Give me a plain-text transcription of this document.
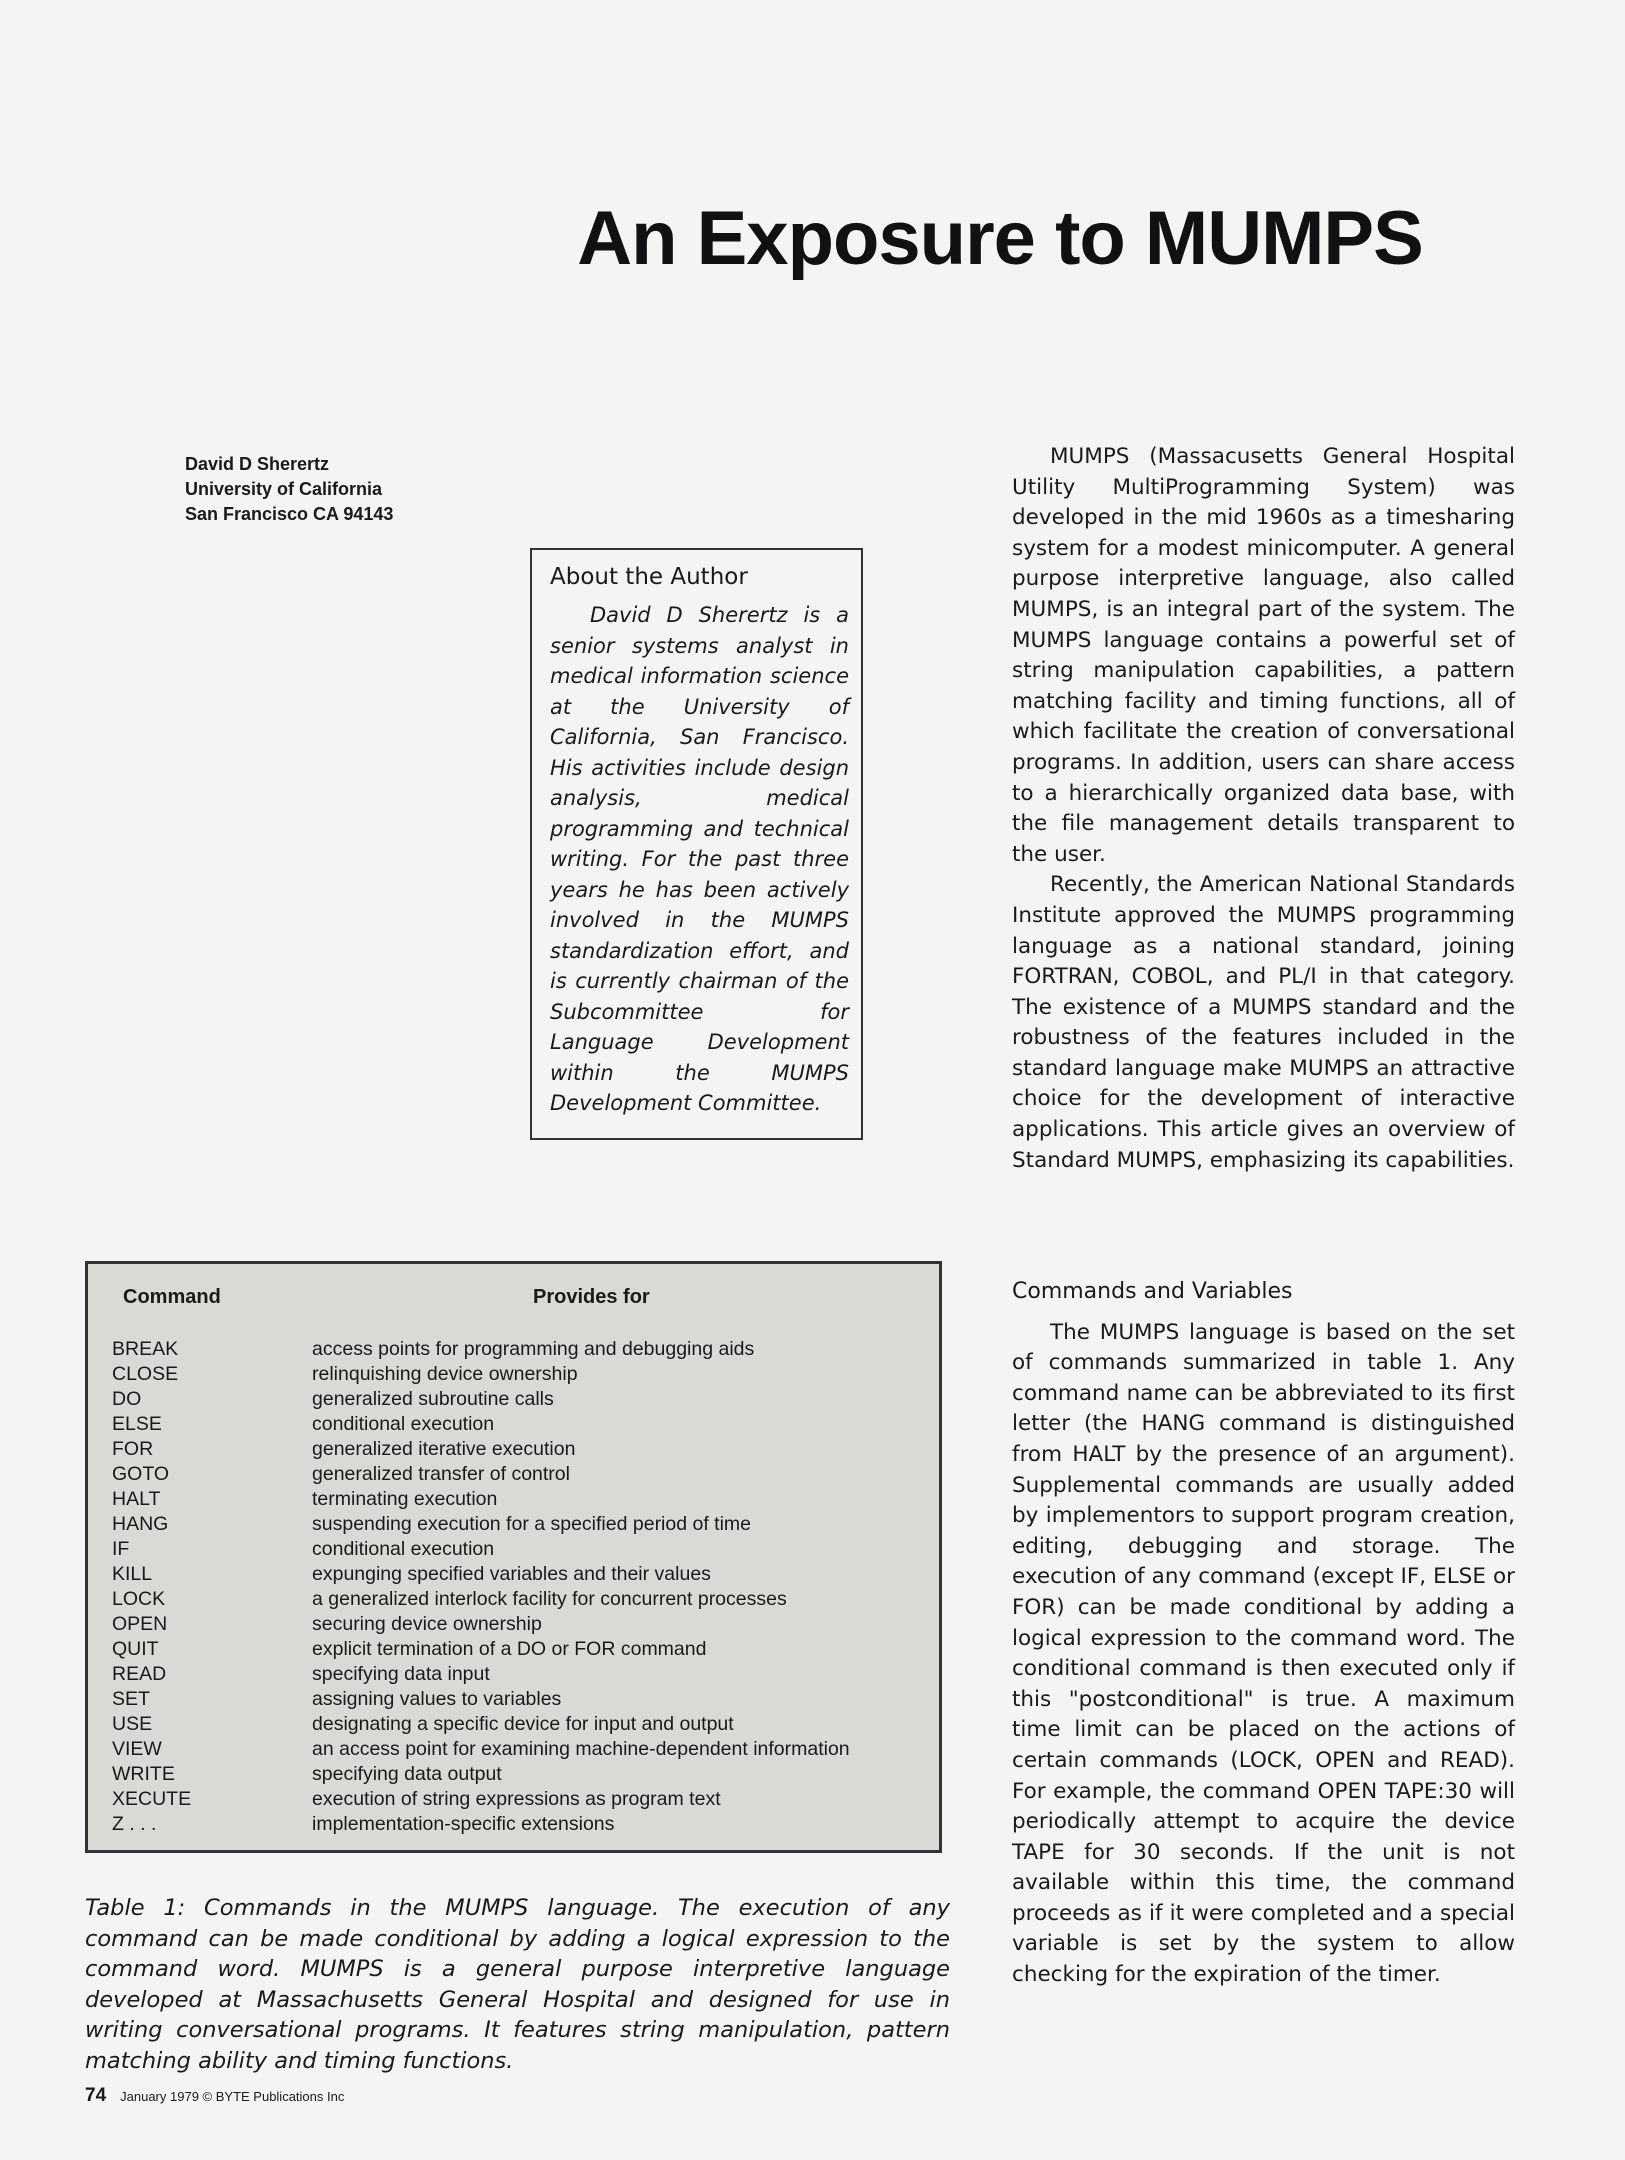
An Exposure to MUMPS
David D Sherertz
University of California
San Francisco CA 94143
About the Author

David D Sherertz is a senior systems analyst in medical information science at the University of California, San Francisco. His activities include design analysis, medical programming and technical writing. For the past three years he has been actively involved in the MUMPS standardization effort, and is currently chairman of the Subcommittee for Language Development within the MUMPS Development Committee.

MUMPS (Massacusetts General Hospital Utility MultiProgramming System) was developed in the mid 1960s as a timesharing system for a modest minicomputer. A general purpose interpretive language, also called MUMPS, is an integral part of the system. The MUMPS language contains a powerful set of string manipulation capabilities, a pattern matching facility and timing functions, all of which facilitate the creation of conversational programs. In addition, users can share access to a hierarchically organized data base, with the file management details transparent to the user.

Recently, the American National Standards Institute approved the MUMPS programming language as a national standard, joining FORTRAN, COBOL, and PL/I in that category. The existence of a MUMPS standard and the robustness of the features included in the standard language make MUMPS an attractive choice for the development of interactive applications. This article gives an overview of Standard MUMPS, emphasizing its capabilities.

Commands and Variables

The MUMPS language is based on the set of commands summarized in table 1. Any command name can be abbreviated to its first letter (the HANG command is distinguished from HALT by the presence of an argument). Supplemental commands are usually added by implementors to support program creation, editing, debugging and storage. The execution of any command (except IF, ELSE or FOR) can be made conditional by adding a logical expression to the command word. The conditional command is then executed only if this "postconditional" is true. A maximum time limit can be placed on the actions of certain commands (LOCK, OPEN and READ). For example, the command OPEN TAPE:30 will periodically attempt to acquire the device TAPE for 30 seconds. If the unit is not available within this time, the command proceeds as if it were completed and a special variable is set by the system to allow checking for the expiration of the timer.

Command	Provides for
BREAK	access points for programming and debugging aids
CLOSE	relinquishing device ownership
DO	generalized subroutine calls
ELSE	conditional execution
FOR	generalized iterative execution
GOTO	generalized transfer of control
HALT	terminating execution
HANG	suspending execution for a specified period of time
IF	conditional execution
KILL	expunging specified variables and their values
LOCK	a generalized interlock facility for concurrent processes
OPEN	securing device ownership
QUIT	explicit termination of a DO or FOR command
READ	specifying data input
SET	assigning values to variables
USE	designating a specific device for input and output
VIEW	an access point for examining machine-dependent information
WRITE	specifying data output
XECUTE	execution of string expressions as program text
Z . . .	implementation-specific extensions
Table 1: Commands in the MUMPS language. The execution of any command can be made conditional by adding a logical expression to the command word. MUMPS is a general purpose interpretive language developed at Massachusetts General Hospital and designed for use in writing conversational programs. It features string manipulation, pattern matching ability and timing functions.
74 January 1979 © BYTE Publications Inc
